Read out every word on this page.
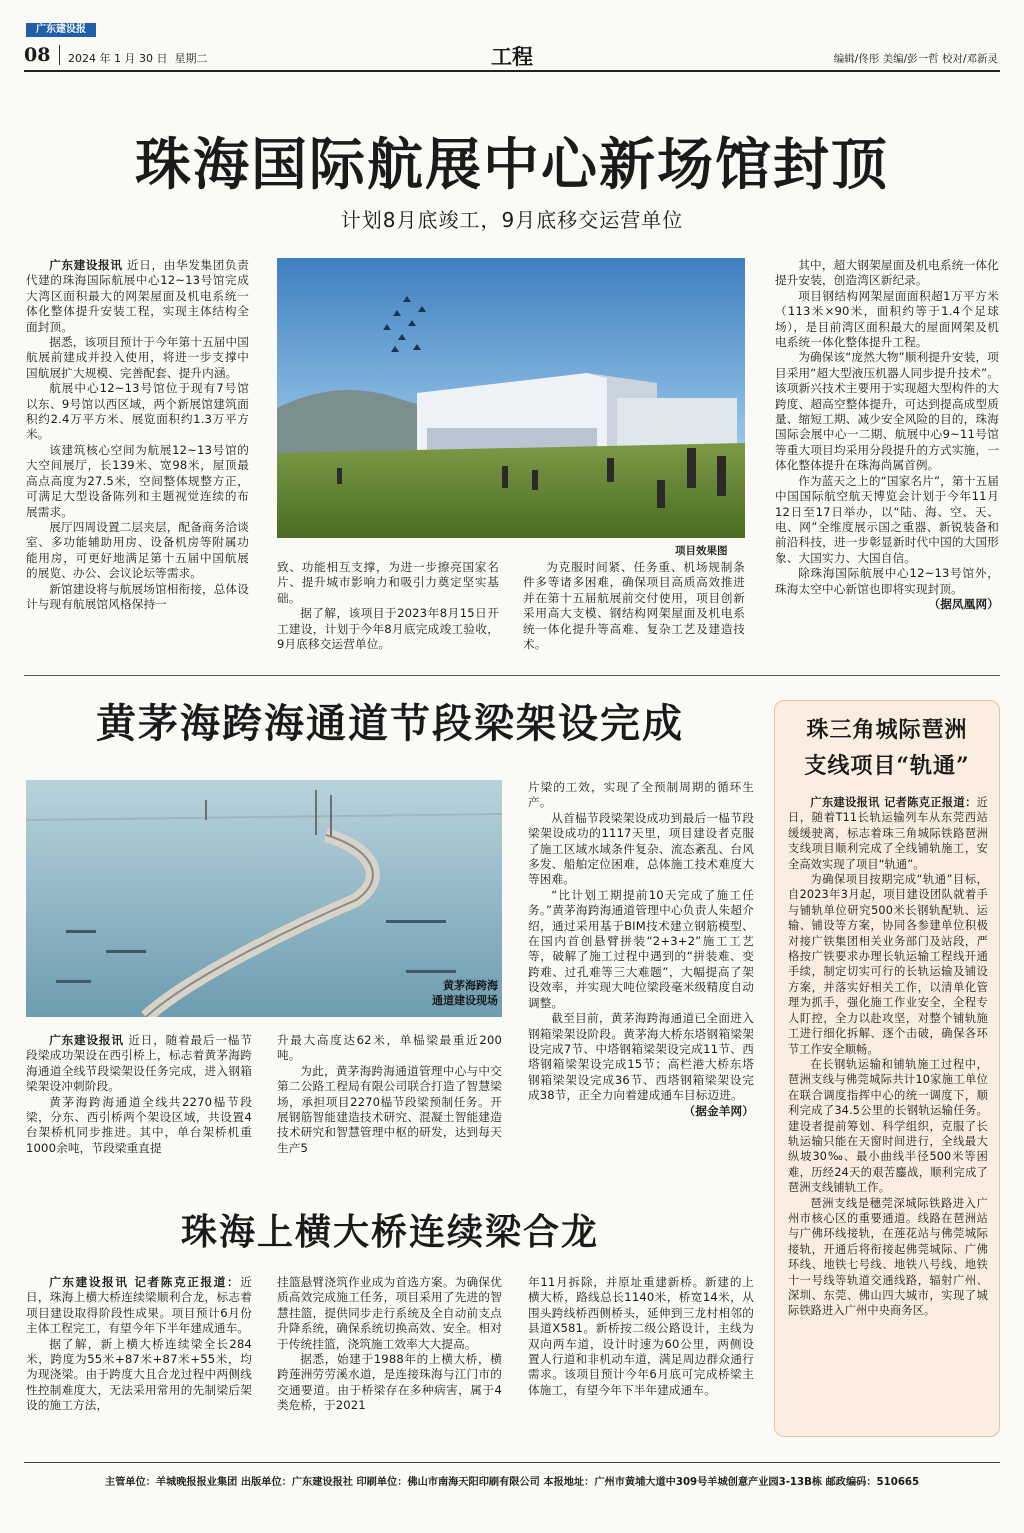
广东建设报
08 2024 年 1 月 30 日 星期二	工程	编辑/佟彤 美编/彭一哲 校对/邓新灵
珠海国际航展中心新场馆封顶
计划8月底竣工，9月底移交运营单位
项目效果图

广东建设报讯 近日，由华发集团负责代建的珠海国际航展中心12~13号馆完成大湾区面积最大的网架屋面及机电系统一体化整体提升安装工程，实现主体结构全面封顶。

据悉，该项目预计于今年第十五届中国航展前建成并投入使用，将进一步支撑中国航展扩大规模、完善配套、提升内涵。

航展中心12~13号馆位于现有7号馆以东、9号馆以西区域，两个新展馆建筑面积约2.4万平方米、展览面积约1.3万平方米。

该建筑核心空间为航展12~13号馆的大空间展厅，长139米、宽98米，屋顶最高点高度为27.5米，空间整体规整方正，可满足大型设备陈列和主题视觉连续的布展需求。

展厅四周设置二层夹层，配备商务洽谈室、多功能辅助用房、设备机房等附属功能用房，可更好地满足第十五届中国航展的展览、办公、会议论坛等需求。

新馆建设将与航展场馆相衔接，总体设计与现有航展馆风格保持一

致、功能相互支撑，为进一步擦亮国家名片、提升城市影响力和吸引力奠定坚实基础。

据了解，该项目于2023年8月15日开工建设，计划于今年8月底完成竣工验收，9月底移交运营单位。

为克服时间紧、任务重、机场规制条件多等诸多困难，确保项目高质高效推进并在第十五届航展前交付使用，项目创新采用高大支模、钢结构网架屋面及机电系统一体化提升等高难、复杂工艺及建造技术。

其中，超大钢架屋面及机电系统一体化提升安装，创造湾区新纪录。

项目钢结构网架屋面面积超1万平方米（113米×90米，面积约等于1.4个足球场），是目前湾区面积最大的屋面网架及机电系统一体化整体提升工程。

为确保该“庞然大物”顺利提升安装，项目采用“超大型液压机器人同步提升技术”。该项新兴技术主要用于实现超大型构件的大跨度、超高空整体提升，可达到提高成型质量、缩短工期、减少安全风险的目的，珠海国际会展中心一二期、航展中心9~11号馆等重大项目均采用分段提升的方式实施，一体化整体提升在珠海尚属首例。

作为蓝天之上的“国家名片”，第十五届中国国际航空航天博览会计划于今年11月12日至17日举办，以“陆、海、空、天、电、网”全维度展示国之重器、新锐装备和前沿科技，进一步彰显新时代中国的大国形象、大国实力、大国自信。

除珠海国际航展中心12~13号馆外，珠海太空中心新馆也即将实现封顶。

（据凤凰网）

黄茅海跨海通道节段梁架设完成
黄茅海跨海
通道建设现场

广东建设报讯 近日，随着最后一榀节段梁成功架设在西引桥上，标志着黄茅海跨海通道全线节段梁架设任务完成，进入钢箱梁架设冲刺阶段。

黄茅海跨海通道全线共2270榀节段梁，分东、西引桥两个架设区域，共设置4台架桥机同步推进。其中，单台架桥机重1000余吨，节段梁重直提

升最大高度达62米，单榀梁最重近200吨。

为此，黄茅海跨海通道管理中心与中交第二公路工程局有限公司联合打造了智慧梁场，承担项目2270榀节段梁预制任务。开展钢筋智能建造技术研究、混凝土智能建造技术研究和智慧管理中枢的研发，达到每天生产5

片梁的工效，实现了全预制周期的循环生产。

从首榀节段梁架设成功到最后一榀节段梁架设成功的1117天里，项目建设者克服了施工区域水域条件复杂、流态紊乱、台风多发、船舶定位困难，总体施工技术难度大等困难。

“比计划工期提前10天完成了施工任务。”黄茅海跨海通道管理中心负责人朱超介绍，通过采用基于BIM技术建立钢筋模型、在国内首创悬臂拼装“2+3+2”施工工艺等，破解了施工过程中遇到的“拼装难、变跨难、过孔难等三大难题”，大幅提高了架设效率，并实现大吨位梁段毫米级精度自动调整。

截至目前，黄茅海跨海通道已全面进入钢箱梁架设阶段。黄茅海大桥东塔钢箱梁架设完成7节、中塔钢箱梁架设完成11节、西塔钢箱梁架设完成15节；高栏港大桥东塔钢箱梁架设完成36节、西塔钢箱梁架设完成38节，正全力向着建成通车目标迈进。

（据金羊网）

珠海上横大桥连续梁合龙

广东建设报讯 记者陈克正报道：近日，珠海上横大桥连续梁顺利合龙，标志着项目建设取得阶段性成果。项目预计6月份主体工程完工，有望今年下半年建成通车。

据了解，新上横大桥连续梁全长284米，跨度为55米+87米+87米+55米，均为现浇梁。由于跨度大且合龙过程中两侧线性控制难度大，无法采用常用的先制梁后架设的施工方法，

挂篮悬臂浇筑作业成为首选方案。为确保优质高效完成施工任务，项目采用了先进的智慧挂篮，提供同步走行系统及全自动前支点升降系统，确保系统切换高效、安全。相对于传统挂篮，浇筑施工效率大大提高。

据悉，始建于1988年的上横大桥，横跨莲洲劳劳溪水道，是连接珠海与江门市的交通要道。由于桥梁存在多种病害，属于4类危桥，于2021

年11月拆除，并原址重建新桥。新建的上横大桥，路线总长1140米，桥宽14米，从围头跨线桥西侧桥头，延伸到三龙村相邻的县道X581。新桥按二级公路设计，主线为双向两车道，设计时速为60公里，两侧设置人行道和非机动车道，满足周边群众通行需求。该项目预计今年6月底可完成桥梁主体施工，有望今年下半年建成通车。

珠三角城际琶洲
支线项目“轨通”

广东建设报讯 记者陈克正报道：近日，随着T11长轨运输列车从东莞西站缓缓驶离，标志着珠三角城际铁路琶洲支线项目顺利完成了全线铺轨施工，安全高效实现了项目“轨通”。

为确保项目按期完成“轨通”目标，自2023年3月起，项目建设团队就着手与铺轨单位研究500米长钢轨配轨、运输、铺设等方案，协同各参建单位积极对接广铁集团相关业务部门及站段，严格按广铁要求办理长轨运输工程线开通手续，制定切实可行的长轨运输及铺设方案，并落实好相关工作，以清单化管理为抓手，强化施工作业安全，全程专人盯控，全力以赴攻坚，对整个铺轨施工进行细化拆解、逐个击破，确保各环节工作安全顺畅。

在长钢轨运输和铺轨施工过程中，琶洲支线与佛莞城际共计10家施工单位在联合调度指挥中心的统一调度下，顺利完成了34.5公里的长钢轨运输任务。建设者提前筹划、科学组织，克服了长轨运输只能在天窗时间进行，全线最大纵坡30‰、最小曲线半径500米等困难，历经24天的艰苦鏖战，顺利完成了琶洲支线铺轨工作。

琶洲支线是穗莞深城际铁路进入广州市核心区的重要通道。线路在琶洲站与广佛环线接轨，在莲花站与佛莞城际接轨，开通后将衔接起佛莞城际、广佛环线、地铁七号线、地铁八号线、地铁十一号线等轨道交通线路，辐射广州、深圳、东莞、佛山四大城市，实现了城际铁路进入广州中央商务区。

主管单位：羊城晚报报业集团 出版单位：广东建设报社 印刷单位：佛山市南海天阳印刷有限公司 本报地址：广州市黄埔大道中309号羊城创意产业园3-13B栋 邮政编码：510665
